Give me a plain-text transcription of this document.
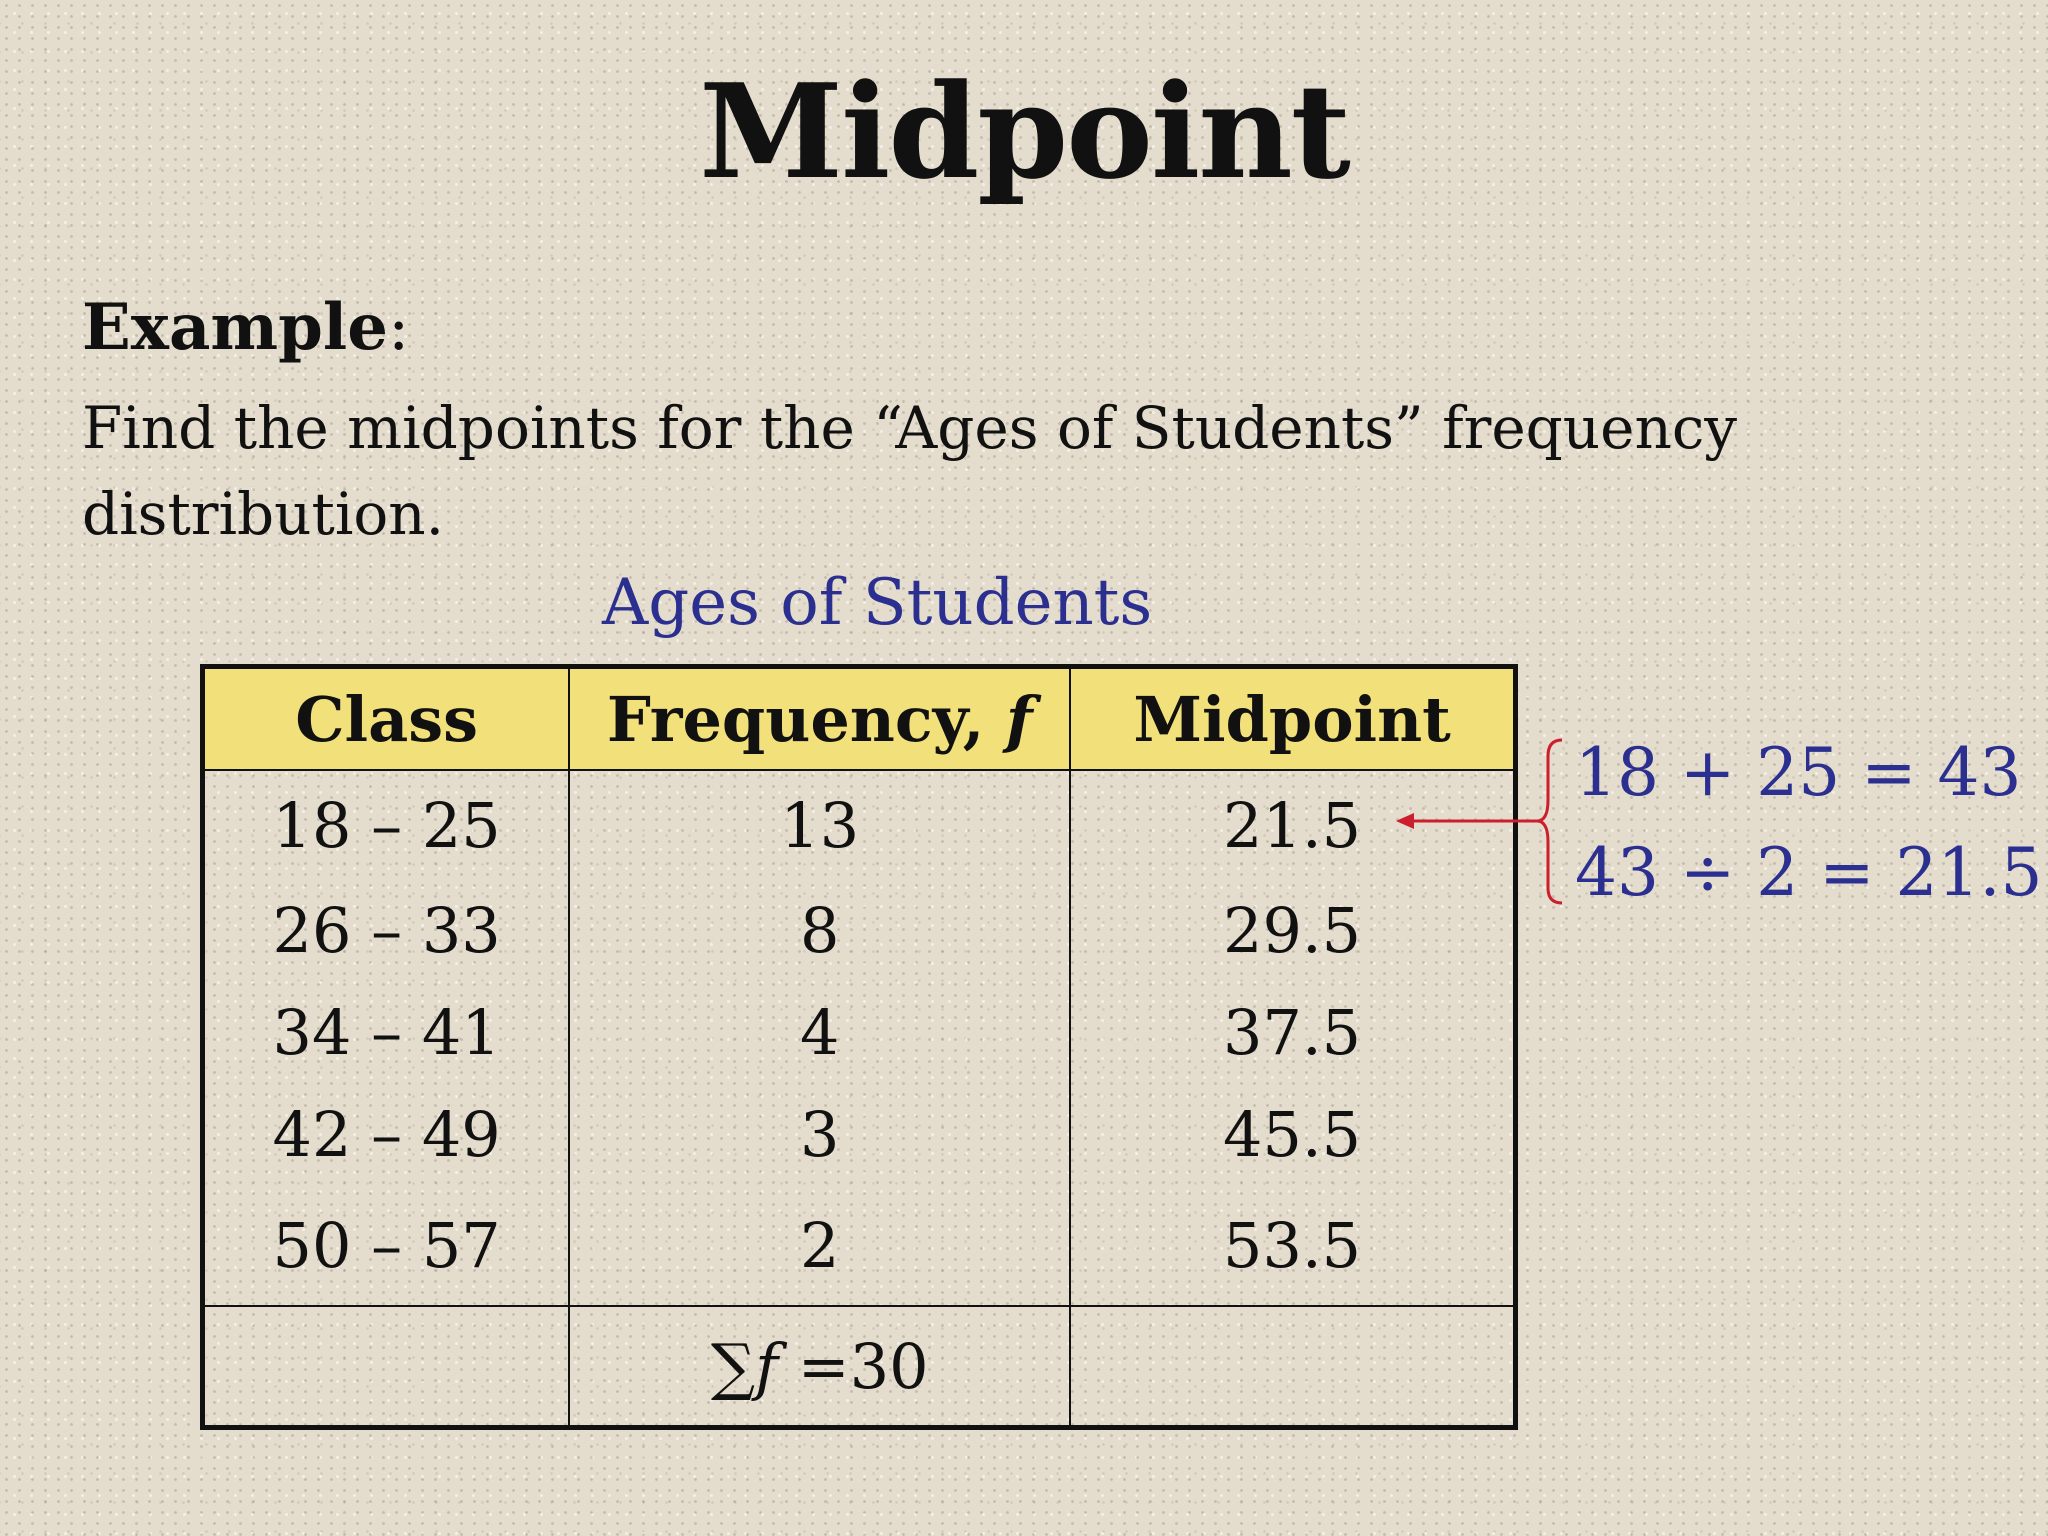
Midpoint
Example:
Find the midpoints for the “Ages of Students” frequency distribution.
Ages of Students
Class	Frequency, f	Midpoint
18 – 25	13	21.5
26 – 33	8	29.5
34 – 41	4	37.5
42 – 49	3	45.5
50 – 57	2	53.5
	∑f =30	
18 + 25 = 43
43 ÷ 2 = 21.5
